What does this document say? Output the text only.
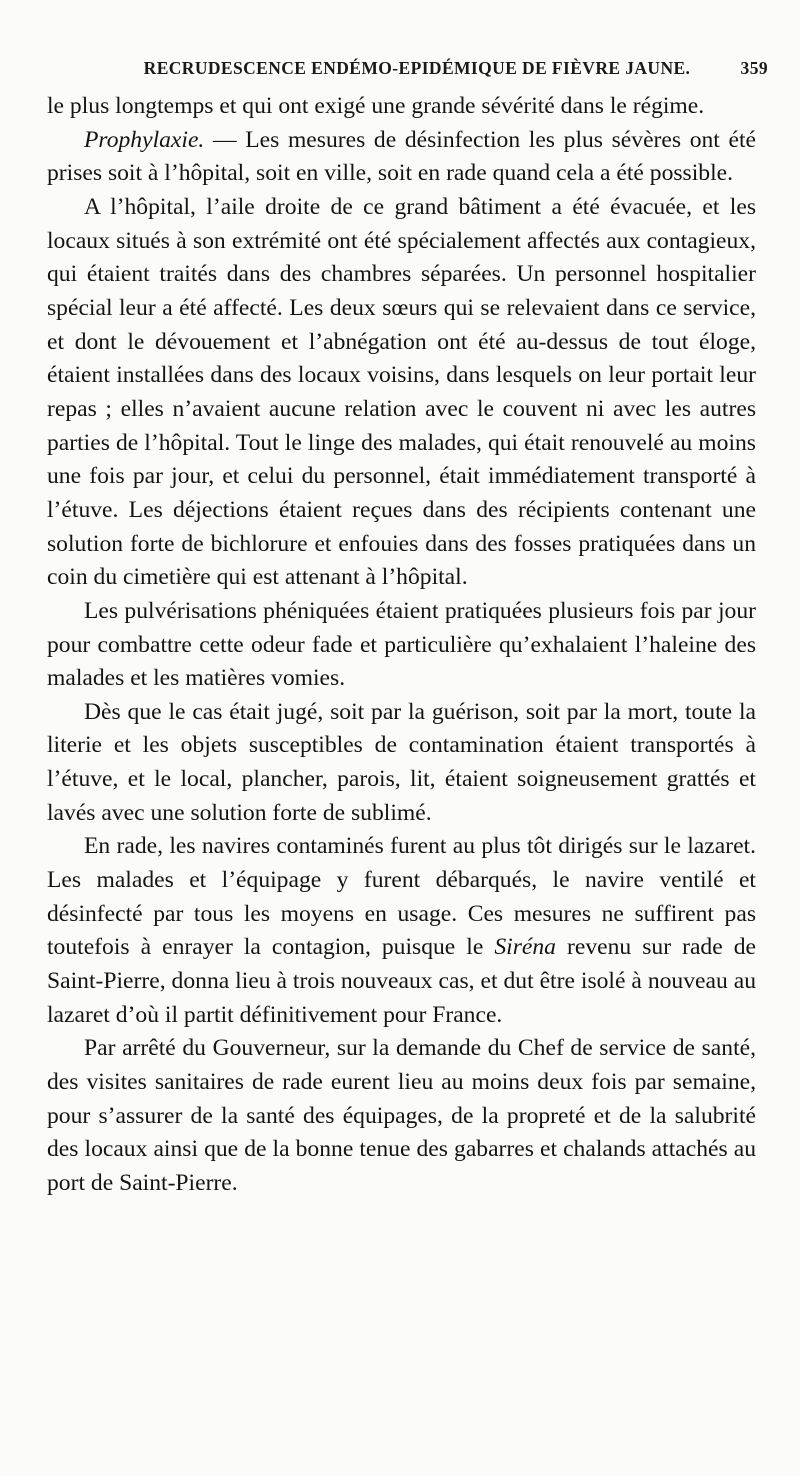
RECRUDESCENCE ENDÉMO-EPIDÉMIQUE DE FIÈVRE JAUNE.	359

le plus longtemps et qui ont exigé une grande sévérité dans le régime.

Prophylaxie. — Les mesures de désinfection les plus sévères ont été prises soit à l’hôpital, soit en ville, soit en rade quand cela a été possible.

A l’hôpital, l’aile droite de ce grand bâtiment a été évacuée, et les locaux situés à son extrémité ont été spécialement affectés aux contagieux, qui étaient traités dans des chambres séparées. Un personnel hospitalier spécial leur a été affecté. Les deux sœurs qui se relevaient dans ce service, et dont le dévouement et l’abnégation ont été au-dessus de tout éloge, étaient installées dans des locaux voisins, dans lesquels on leur portait leur repas ; elles n’avaient aucune relation avec le couvent ni avec les autres parties de l’hôpital. Tout le linge des malades, qui était renouvelé au moins une fois par jour, et celui du personnel, était immédiatement transporté à l’étuve. Les déjections étaient reçues dans des récipients contenant une solution forte de bichlorure et enfouies dans des fosses pratiquées dans un coin du cimetière qui est attenant à l’hôpital.

Les pulvérisations phéniquées étaient pratiquées plusieurs fois par jour pour combattre cette odeur fade et particulière qu’exhalaient l’haleine des malades et les matières vomies.

Dès que le cas était jugé, soit par la guérison, soit par la mort, toute la literie et les objets susceptibles de contamination étaient transportés à l’étuve, et le local, plancher, parois, lit, étaient soigneusement grattés et lavés avec une solution forte de sublimé.

En rade, les navires contaminés furent au plus tôt dirigés sur le lazaret. Les malades et l’équipage y furent débarqués, le navire ventilé et désinfecté par tous les moyens en usage. Ces mesures ne suffirent pas toutefois à enrayer la contagion, puisque le Siréna revenu sur rade de Saint-Pierre, donna lieu à trois nouveaux cas, et dut être isolé à nouveau au lazaret d’où il partit définitivement pour France.

Par arrêté du Gouverneur, sur la demande du Chef de service de santé, des visites sanitaires de rade eurent lieu au moins deux fois par semaine, pour s’assurer de la santé des équipages, de la propreté et de la salubrité des locaux ainsi que de la bonne tenue des gabarres et chalands attachés au port de Saint-Pierre.
